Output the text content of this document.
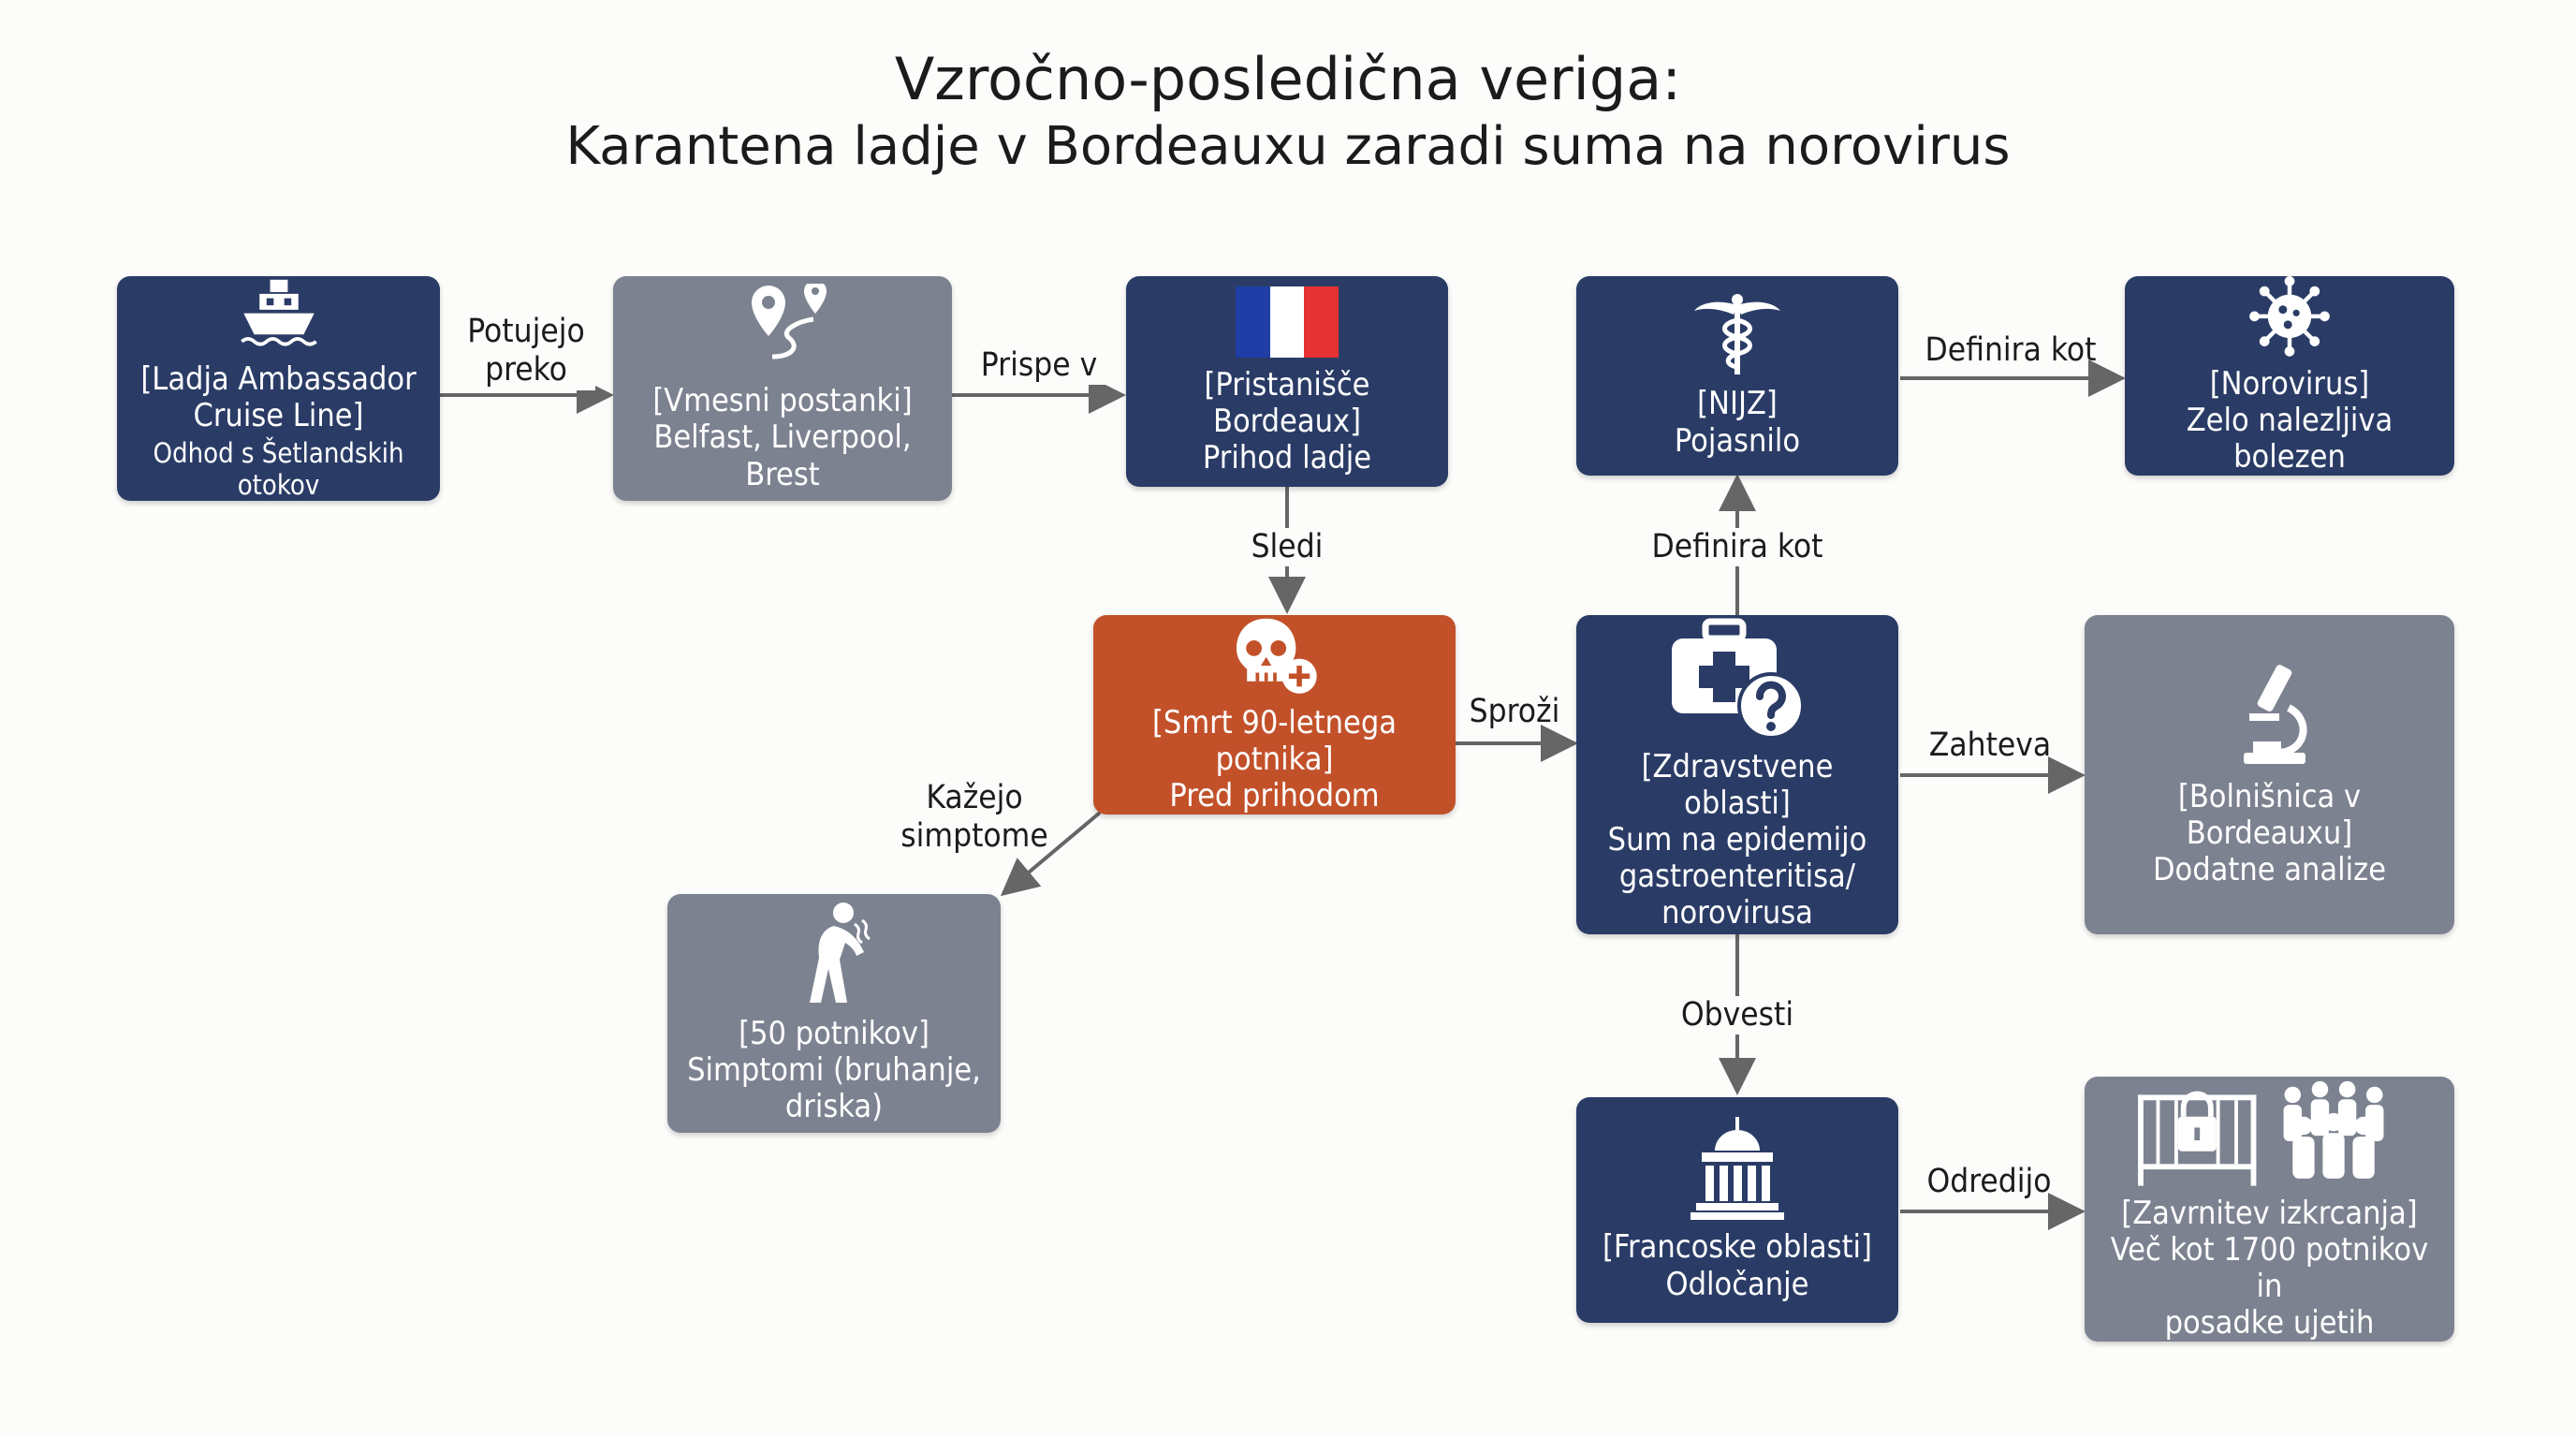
Vzročno-posledična veriga:
Karantena ladje v Bordeauxu zaradi suma na norovirus
Potujejo
preko	Prispe v
Sledi	Definira kot
Definira kot
Sproži
Kažejo
simptome
Zahteva
Obvesti
Odredijo
[Ladja Ambassador
Cruise Line]
Odhod s Šetlandskih otokov
[Vmesni postanki]
Belfast, Liverpool, Brest
[Pristanišče Bordeaux]
Prihod ladje
[NIJZ]
Pojasnilo
[Norovirus]
Zelo nalezljiva bolezen
[Smrt 90-letnega potnika]
Pred prihodom
[Zdravstvene oblasti]
Sum na epidemijo
gastroenteritisa/
norovirusa
[Bolnišnica v Bordeauxu]
Dodatne analize
[50 potnikov]
Simptomi (bruhanje,
driska)
[Francoske oblasti]
Odločanje
[Zavrnitev izkrcanja]
Več kot 1700 potnikov in
posadke ujetih
